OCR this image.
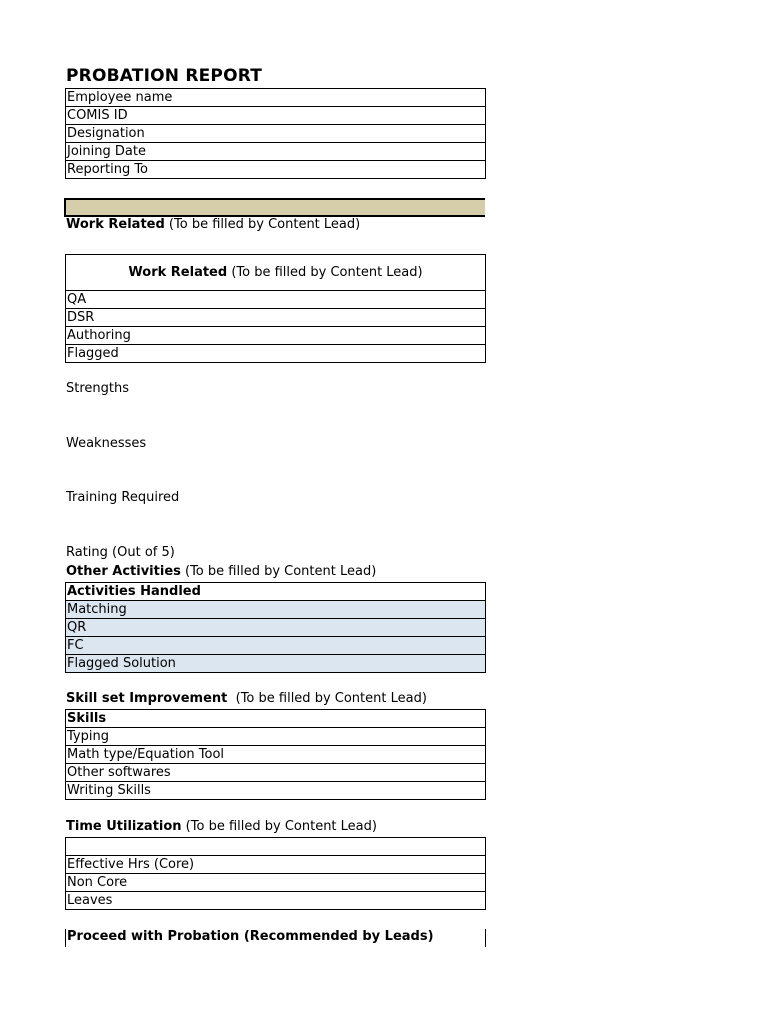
PROBATION REPORT
Employee name
COMIS ID
Designation
Joining Date
Reporting To
Work Related (To be filled by Content Lead)
Work Related (To be filled by Content Lead)
QA
DSR
Authoring
Flagged
Strengths
Weaknesses
Training Required
Rating (Out of 5)
Other Activities (To be filled by Content Lead)
Activities Handled
Matching
QR
FC
Flagged Solution
Skill set Improvement  (To be filled by Content Lead)
Skills
Typing
Math type/Equation Tool
Other softwares
Writing Skills
Time Utilization (To be filled by Content Lead)

Effective Hrs (Core)
Non Core
Leaves
Proceed with Probation (Recommended by Leads)
